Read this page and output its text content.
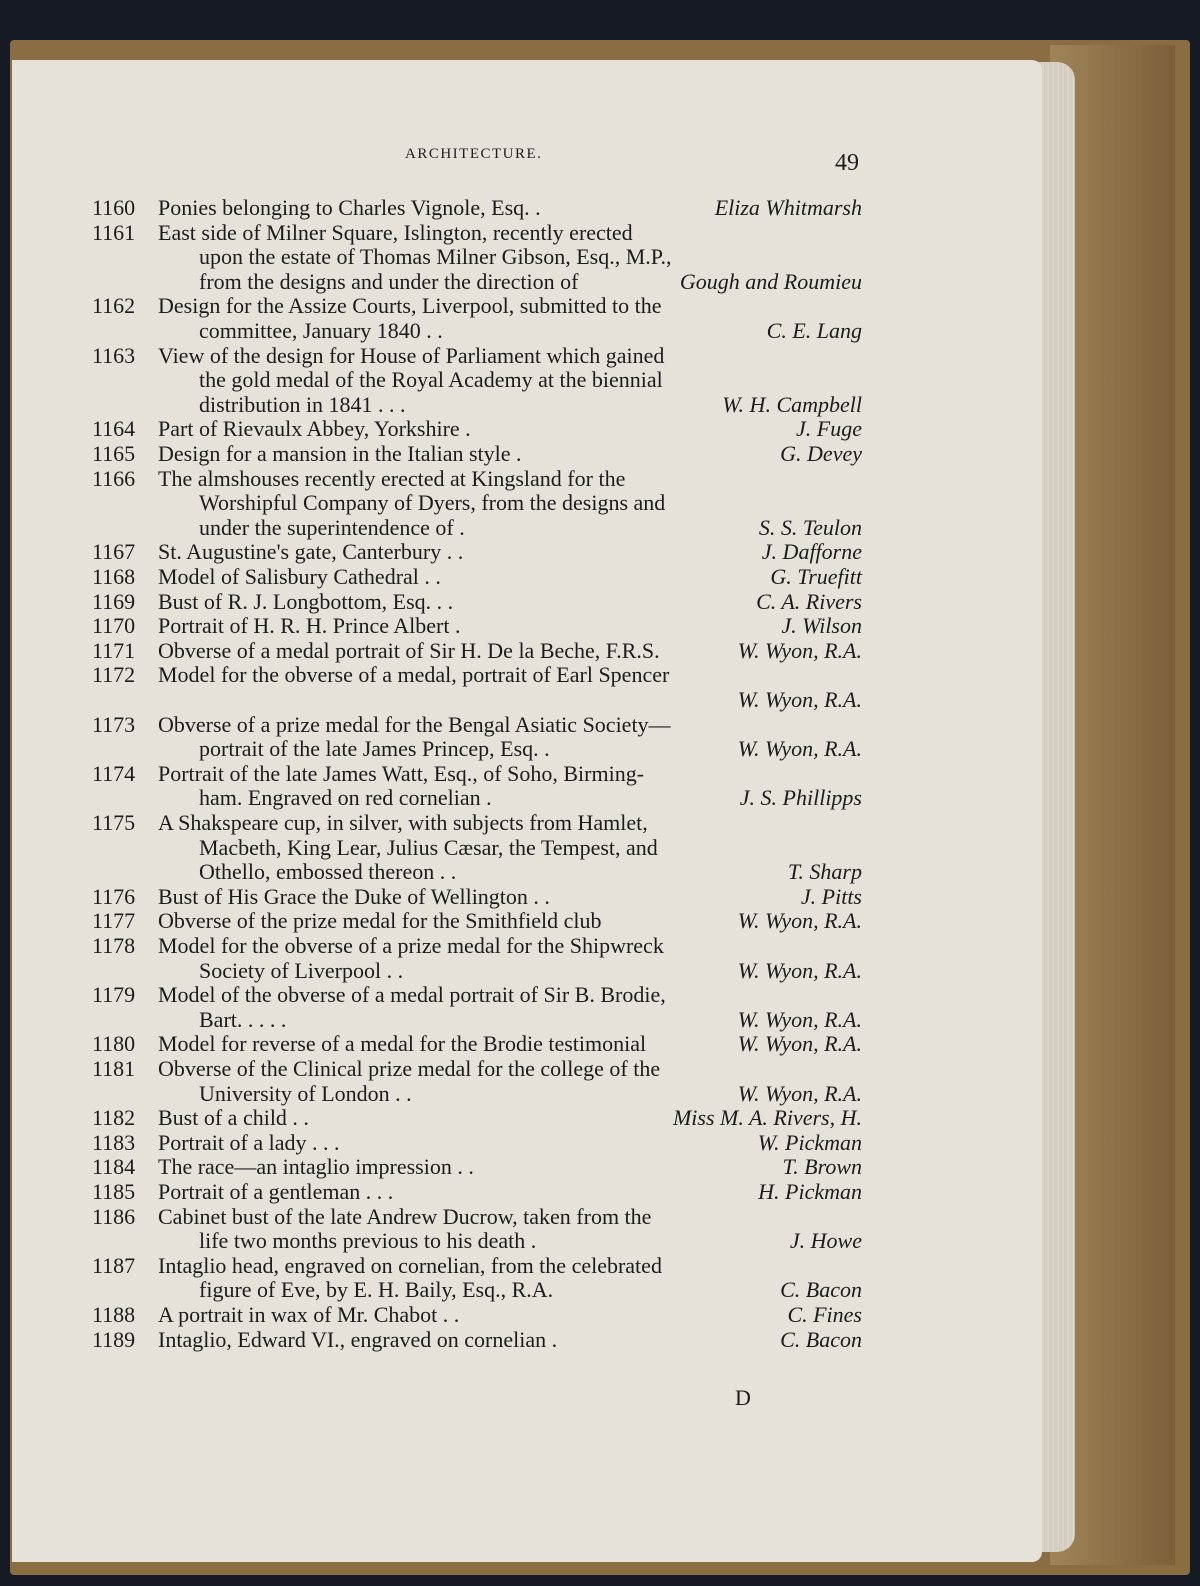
ARCHITECTURE.	49
1160 Ponies belonging to Charles Vignole, Esq. .	Eliza Whitmarsh
1161 East side of Milner Square, Islington, recently erected
upon the estate of Thomas Milner Gibson, Esq., M.P.,
from the designs and under the direction of	Gough and Roumieu
1162 Design for the Assize Courts, Liverpool, submitted to the
committee, January 1840 . .	C. E. Lang
1163 View of the design for House of Parliament which gained
the gold medal of the Royal Academy at the biennial
distribution in 1841 . . .	W. H. Campbell
1164 Part of Rievaulx Abbey, Yorkshire .	J. Fuge
1165 Design for a mansion in the Italian style .	G. Devey
1166 The almshouses recently erected at Kingsland for the
Worshipful Company of Dyers, from the designs and
under the superintendence of .	S. S. Teulon
1167 St. Augustine's gate, Canterbury . .	J. Dafforne
1168 Model of Salisbury Cathedral . .	G. Truefitt
1169 Bust of R. J. Longbottom, Esq. . .	C. A. Rivers
1170 Portrait of H. R. H. Prince Albert .	J. Wilson
1171 Obverse of a medal portrait of Sir H. De la Beche, F.R.S.	W. Wyon, R.A.
1172 Model for the obverse of a medal, portrait of Earl Spencer
W. Wyon, R.A.
1173 Obverse of a prize medal for the Bengal Asiatic Society—
portrait of the late James Princep, Esq. .	W. Wyon, R.A.
1174 Portrait of the late James Watt, Esq., of Soho, Birming-
ham. Engraved on red cornelian .	J. S. Phillipps
1175 A Shakspeare cup, in silver, with subjects from Hamlet,
Macbeth, King Lear, Julius Cæsar, the Tempest, and
Othello, embossed thereon . .	T. Sharp
1176 Bust of His Grace the Duke of Wellington . .	J. Pitts
1177 Obverse of the prize medal for the Smithfield club	W. Wyon, R.A.
1178 Model for the obverse of a prize medal for the Shipwreck
Society of Liverpool . .	W. Wyon, R.A.
1179 Model of the obverse of a medal portrait of Sir B. Brodie,
Bart. . . . .	W. Wyon, R.A.
1180 Model for reverse of a medal for the Brodie testimonial	W. Wyon, R.A.
1181 Obverse of the Clinical prize medal for the college of the
University of London . .	W. Wyon, R.A.
1182 Bust of a child . .	Miss M. A. Rivers, H.
1183 Portrait of a lady . . .	W. Pickman
1184 The race—an intaglio impression . .	T. Brown
1185 Portrait of a gentleman . . .	H. Pickman
1186 Cabinet bust of the late Andrew Ducrow, taken from the
life two months previous to his death .	J. Howe
1187 Intaglio head, engraved on cornelian, from the celebrated
figure of Eve, by E. H. Baily, Esq., R.A.	C. Bacon
1188 A portrait in wax of Mr. Chabot . .	C. Fines
1189 Intaglio, Edward VI., engraved on cornelian .	C. Bacon
D
